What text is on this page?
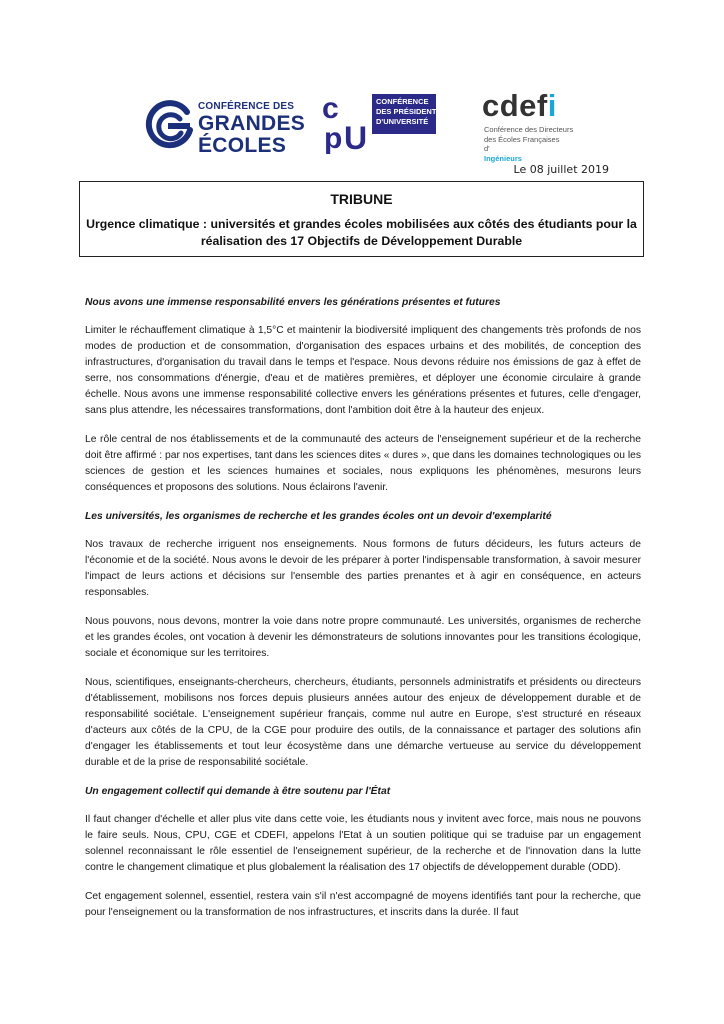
CONFÉRENCE DES
GRANDES
ÉCOLES
c
p U
CONFÉRENCE
DES PRÉSIDENTS
D'UNIVERSITÉ cdefi
Conférence des Directeurs
des Écoles Françaises
d'
Ingénieurs
Le 08 juillet 2019
TRIBUNE
Urgence climatique : universités et grandes écoles mobilisées aux côtés des étudiants pour la réalisation des 17 Objectifs de Développement Durable
Nous avons une immense responsabilité envers les générations présentes et futures
Limiter le réchauffement climatique à 1,5°C et maintenir la biodiversité impliquent des changements très profonds de nos modes de production et de consommation, d'organisation des espaces urbains et des mobilités, de conception des infrastructures, d'organisation du travail dans le temps et l'espace. Nous devons réduire nos émissions de gaz à effet de serre, nos consommations d'énergie, d'eau et de matières premières, et déployer une économie circulaire à grande échelle. Nous avons une immense responsabilité collective envers les générations présentes et futures, celle d'engager, sans plus attendre, les nécessaires transformations, dont l'ambition doit être à la hauteur des enjeux.
Le rôle central de nos établissements et de la communauté des acteurs de l'enseignement supérieur et de la recherche doit être affirmé : par nos expertises, tant dans les sciences dites « dures », que dans les domaines technologiques ou les sciences de gestion et les sciences humaines et sociales, nous expliquons les phénomènes, mesurons leurs conséquences et proposons des solutions. Nous éclairons l'avenir.
Les universités, les organismes de recherche et les grandes écoles ont un devoir d'exemplarité
Nos travaux de recherche irriguent nos enseignements. Nous formons de futurs décideurs, les futurs acteurs de l'économie et de la société. Nous avons le devoir de les préparer à porter l'indispensable transformation, à savoir mesurer l'impact de leurs actions et décisions sur l'ensemble des parties prenantes et à agir en conséquence, en acteurs responsables.
Nous pouvons, nous devons, montrer la voie dans notre propre communauté. Les universités, organismes de recherche et les grandes écoles, ont vocation à devenir les démonstrateurs de solutions innovantes pour les transitions écologique, sociale et économique sur les territoires.
Nous, scientifiques, enseignants-chercheurs, chercheurs, étudiants, personnels administratifs et présidents ou directeurs d'établissement, mobilisons nos forces depuis plusieurs années autour des enjeux de développement durable et de responsabilité sociétale. L'enseignement supérieur français, comme nul autre en Europe, s'est structuré en réseaux d'acteurs aux côtés de la CPU, de la CGE pour produire des outils, de la connaissance et partager des solutions afin d'engager les établissements et tout leur écosystème dans une démarche vertueuse au service du développement durable et de la prise de responsabilité sociétale.
Un engagement collectif qui demande à être soutenu par l'État
Il faut changer d'échelle et aller plus vite dans cette voie, les étudiants nous y invitent avec force, mais nous ne pouvons le faire seuls. Nous, CPU, CGE et CDEFI, appelons l'Etat à un soutien politique qui se traduise par un engagement solennel reconnaissant le rôle essentiel de l'enseignement supérieur, de la recherche et de l'innovation dans la lutte contre le changement climatique et plus globalement la réalisation des 17 objectifs de développement durable (ODD).
Cet engagement solennel, essentiel, restera vain s'il n'est accompagné de moyens identifiés tant pour la recherche, que pour l'enseignement ou la transformation de nos infrastructures, et inscrits dans la durée. Il faut
